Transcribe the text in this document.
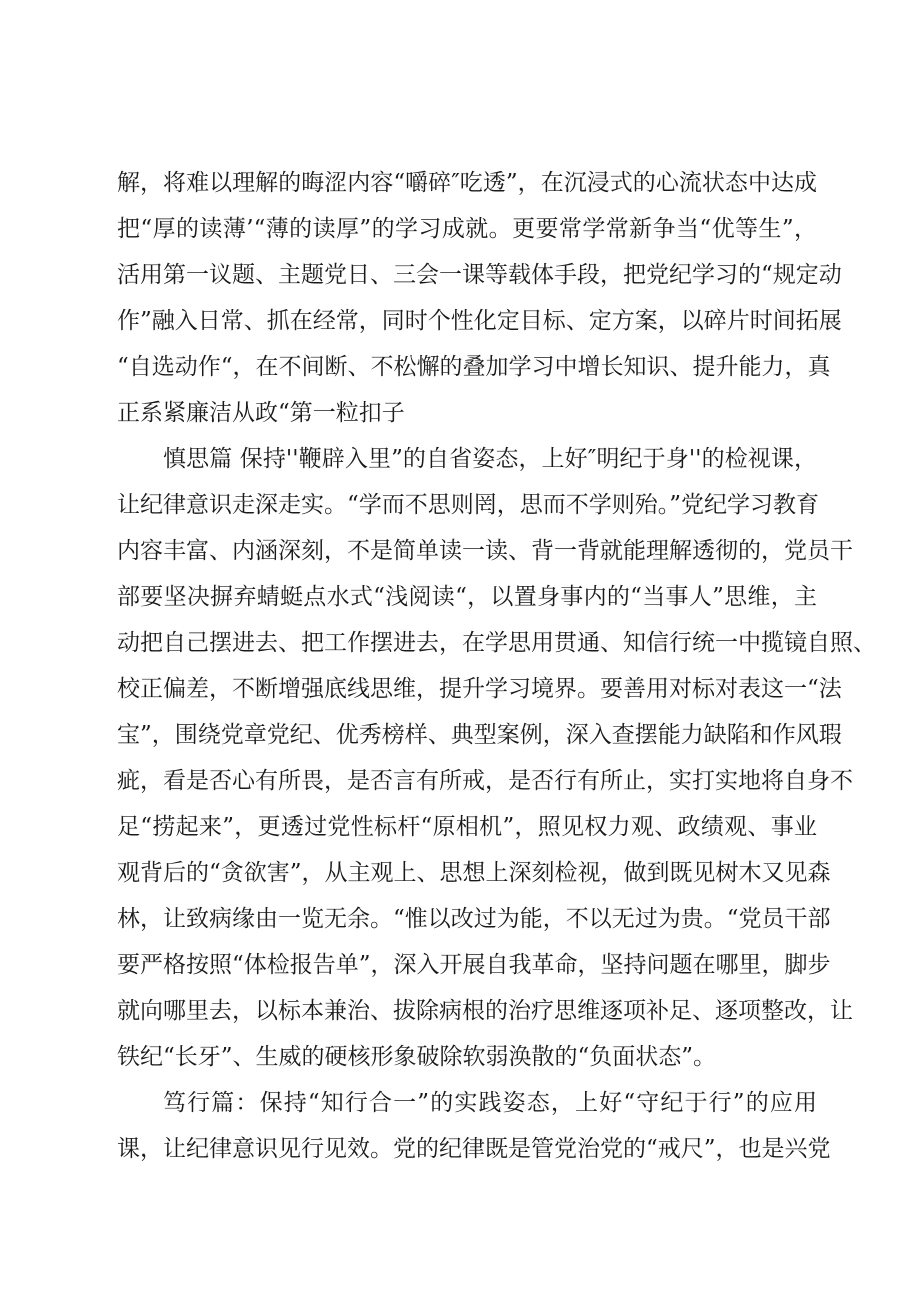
解，将难以理解的晦涩内容“嚼碎″吃透”，在沉浸式的心流状态中达成
把“厚的读薄’“薄的读厚”的学习成就。更要常学常新争当“优等生”，
活用第一议题、主题党日、三会一课等载体手段，把党纪学习的“规定动
作”融入日常、抓在经常，同时个性化定目标、定方案，以碎片时间拓展
“自选动作“，在不间断、不松懈的叠加学习中增长知识、提升能力，真
正系紧廉洁从政“第一粒扣子
慎思篇 保持''鞭辟入里”的自省姿态，上好″明纪于身''的检视课，
让纪律意识走深走实。“学而不思则罔，思而不学则殆。”党纪学习教育
内容丰富、内涵深刻，不是简单读一读、背一背就能理解透彻的，党员干
部要坚决摒弃蜻蜓点水式“浅阅读“，以置身事内的“当事人”思维，主
动把自己摆进去、把工作摆进去，在学思用贯通、知信行统一中揽镜自照、
校正偏差，不断增强底线思维，提升学习境界。要善用对标对表这一“法
宝”，围绕党章党纪、优秀榜样、典型案例，深入查摆能力缺陷和作风瑕
疵，看是否心有所畏，是否言有所戒，是否行有所止，实打实地将自身不
足“捞起来”，更透过党性标杆“原相机”，照见权力观、政绩观、事业
观背后的“贪欲害”，从主观上、思想上深刻检视，做到既见树木又见森
林，让致病缘由一览无余。“惟以改过为能，不以无过为贵。“党员干部
要严格按照“体检报告单”，深入开展自我革命，坚持问题在哪里，脚步
就向哪里去，以标本兼治、拔除病根的治疗思维逐项补足、逐项整改，让
铁纪“长牙”、生威的硬核形象破除软弱涣散的“负面状态”。
笃行篇：保持“知行合一”的实践姿态，上好“守纪于行”的应用
课，让纪律意识见行见效。党的纪律既是管党治党的“戒尺”，也是兴党
